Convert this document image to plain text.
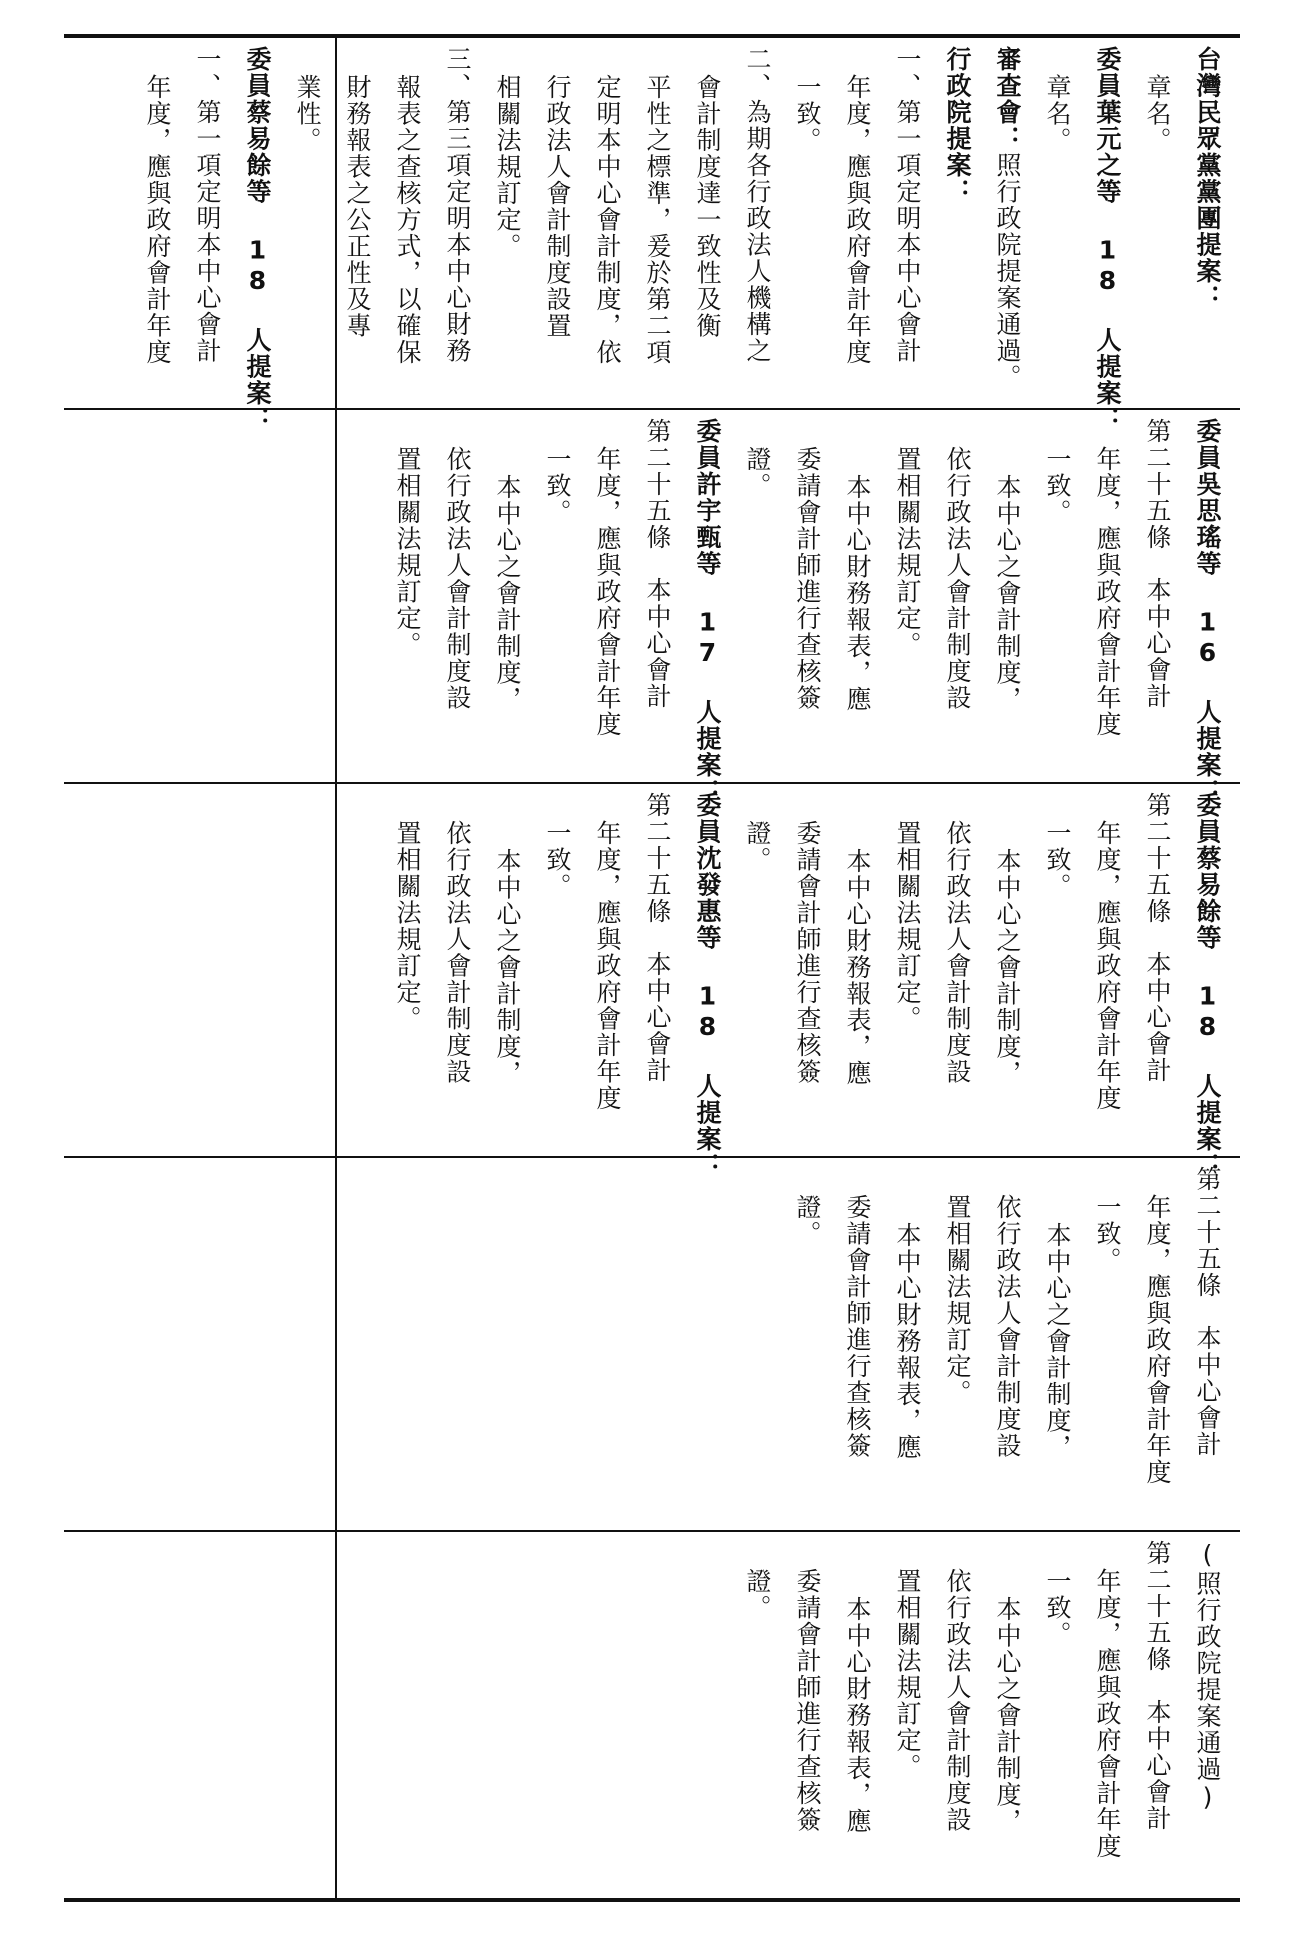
台灣民眾黨黨團提案：
章名。
委員葉元之等 18 人提案：
章名。
審查會：照行政院提案通過。
行政院提案：
一、第一項定明本中心會計
年度，應與政府會計年度
一致。
二、為期各行政法人機構之
會計制度達一致性及衡
平性之標準，爰於第二項
定明本中心會計制度，依
行政法人會計制度設置
相關法規訂定。
三、第三項定明本中心財務
報表之查核方式，以確保
財務報表之公正性及專
業性。
委員蔡易餘等 18 人提案：
一、第一項定明本中心會計
年度，應與政府會計年度
委員吳思瑤等 16 人提案：
第二十五條　本中心會計
年度，應與政府會計年度
一致。
本中心之會計制度，
依行政法人會計制度設
置相關法規訂定。
本中心財務報表，應
委請會計師進行查核簽
證。
委員許宇甄等 17 人提案：
第二十五條　本中心會計
年度，應與政府會計年度
一致。
本中心之會計制度，
依行政法人會計制度設
置相關法規訂定。
委員蔡易餘等 18 人提案：
第二十五條　本中心會計
年度，應與政府會計年度
一致。
本中心之會計制度，
依行政法人會計制度設
置相關法規訂定。
本中心財務報表，應
委請會計師進行查核簽
證。
委員沈發惠等 18 人提案：
第二十五條　本中心會計
年度，應與政府會計年度
一致。
本中心之會計制度，
依行政法人會計制度設
置相關法規訂定。
第二十五條　本中心會計
年度，應與政府會計年度
一致。
本中心之會計制度，
依行政法人會計制度設
置相關法規訂定。
本中心財務報表，應
委請會計師進行查核簽
證。
(照行政院提案通過)
第二十五條　本中心會計
年度，應與政府會計年度
一致。
本中心之會計制度，
依行政法人會計制度設
置相關法規訂定。
本中心財務報表，應
委請會計師進行查核簽
證。
